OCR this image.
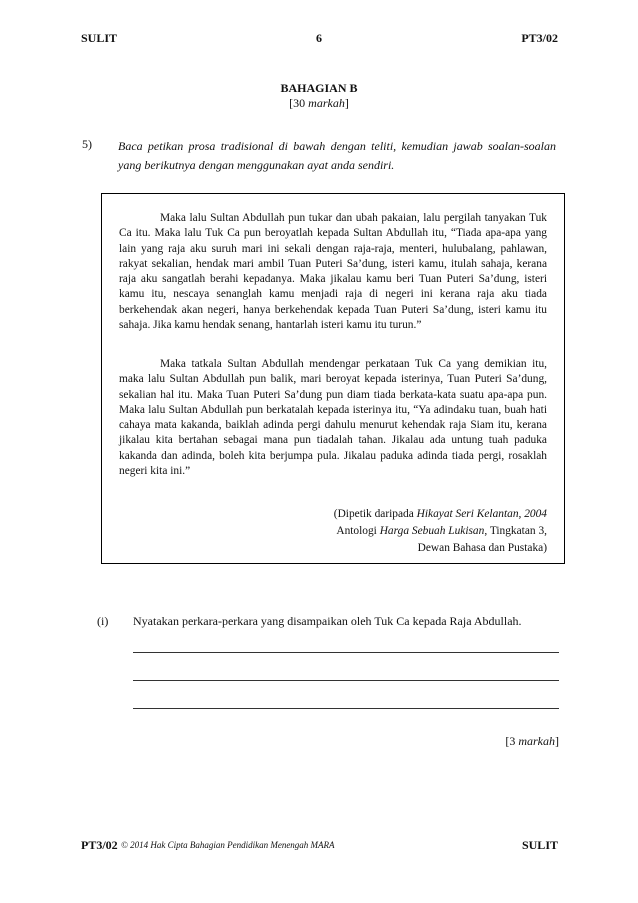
SULIT	6	PT3/02
BAHAGIAN B
[30 markah]
5) Baca petikan prosa tradisional di bawah dengan teliti, kemudian jawab soalan-soalan yang berikutnya dengan menggunakan ayat anda sendiri.
Maka lalu Sultan Abdullah pun tukar dan ubah pakaian, lalu pergilah tanyakan Tuk Ca itu. Maka lalu Tuk Ca pun beroyatlah kepada Sultan Abdullah itu, “Tiada apa-apa yang lain yang raja aku suruh mari ini sekali dengan raja-raja, menteri, hulubalang, pahlawan, rakyat sekalian, hendak mari ambil Tuan Puteri Sa’dung, isteri kamu, itulah sahaja, kerana raja aku sangatlah berahi kepadanya. Maka jikalau kamu beri Tuan Puteri Sa’dung, isteri kamu itu, nescaya senanglah kamu menjadi raja di negeri ini kerana raja aku tiada berkehendak akan negeri, hanya berkehendak kepada Tuan Puteri Sa’dung, isteri kamu itu sahaja. Jika kamu hendak senang, hantarlah isteri kamu itu turun.”
Maka tatkala Sultan Abdullah mendengar perkataan Tuk Ca yang demikian itu, maka lalu Sultan Abdullah pun balik, mari beroyat kepada isterinya, Tuan Puteri Sa’dung, sekalian hal itu. Maka Tuan Puteri Sa’dung pun diam tiada berkata-kata suatu apa-apa pun. Maka lalu Sultan Abdullah pun berkatalah kepada isterinya itu, “Ya adindaku tuan, buah hati cahaya mata kakanda, baiklah adinda pergi dahulu menurut kehendak raja Siam itu, kerana jikalau kita bertahan sebagai mana pun tiadalah tahan. Jikalau ada untung tuah paduka kakanda dan adinda, boleh kita berjumpa pula. Jikalau paduka adinda tiada pergi, rosaklah negeri kita ini.”
(Dipetik daripada Hikayat Seri Kelantan, 2004
Antologi Harga Sebuah Lukisan, Tingkatan 3,
Dewan Bahasa dan Pustaka)
(i) Nyatakan perkara-perkara yang disampaikan oleh Tuk Ca kepada Raja Abdullah.
[3 markah]
PT3/02 © 2014 Hak Cipta Bahagian Pendidikan Menengah MARA	SULIT
